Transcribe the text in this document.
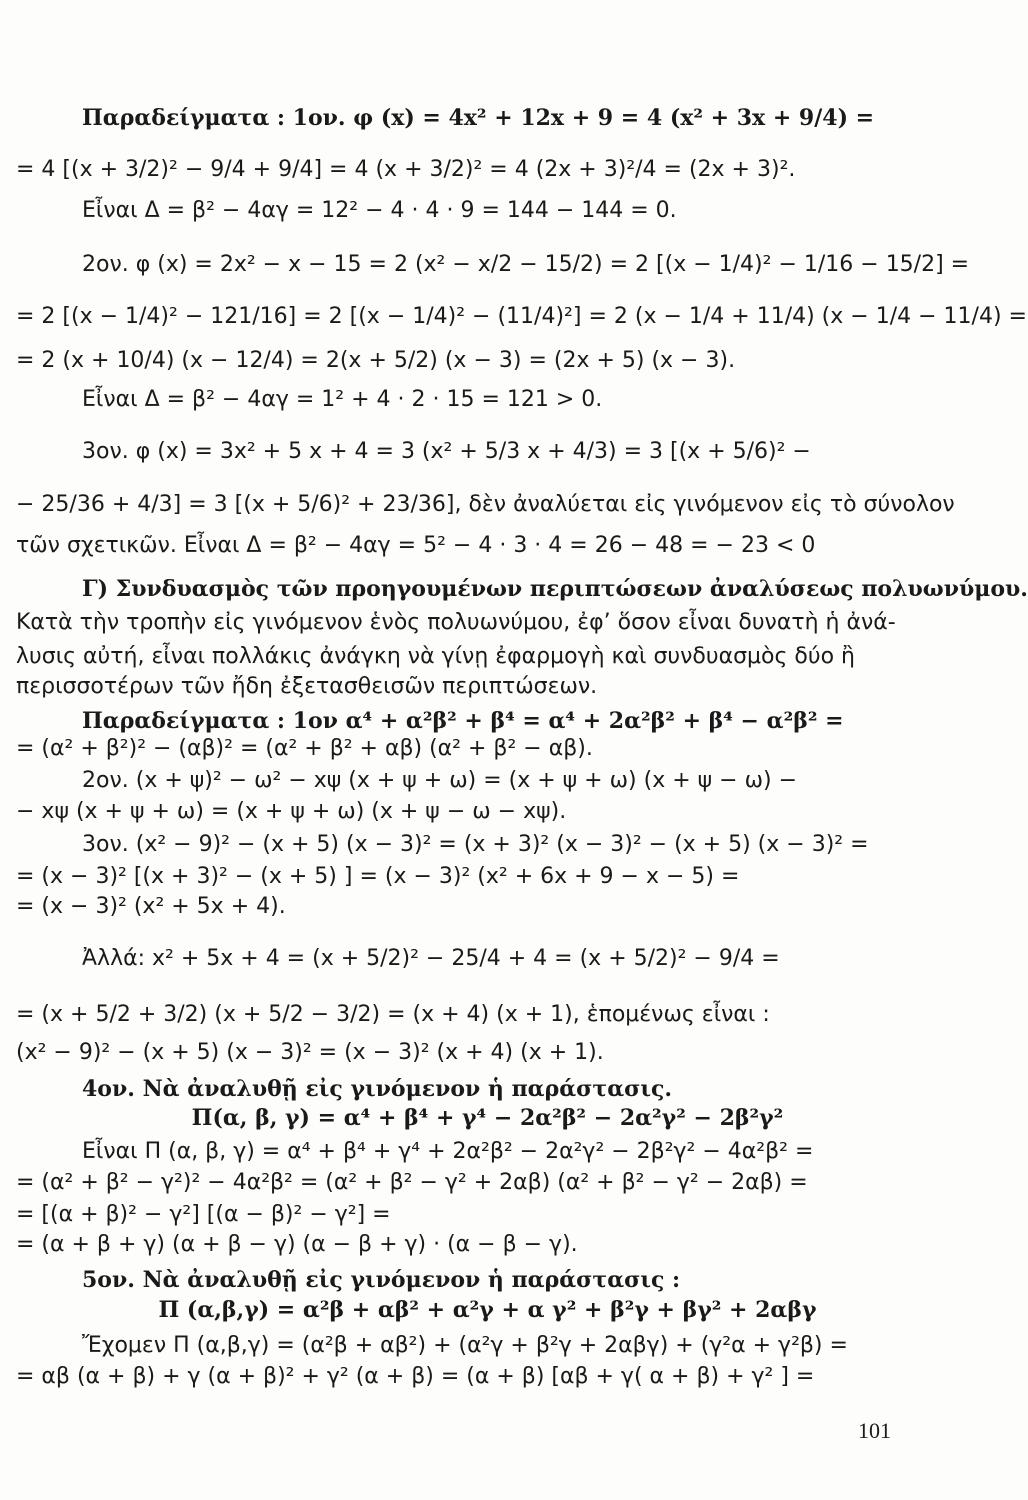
Παραδείγματα : 1ον. φ (x) = 4x² + 12x + 9 = 4 (x² + 3x + 9/4) =
= 4 [(x + 3/2)² − 9/4 + 9/4] = 4 (x + 3/2)² = 4 (2x + 3)²/4 = (2x + 3)².
Εἶναι Δ = β² − 4αγ = 12² − 4 · 4 · 9 = 144 − 144 = 0.
2ον. φ (x) = 2x² − x − 15 = 2 (x² − x/2 − 15/2) = 2 [(x − 1/4)² − 1/16 − 15/2] =
= 2 [(x − 1/4)² − 121/16] = 2 [(x − 1/4)² − (11/4)²] = 2 (x − 1/4 + 11/4) (x − 1/4 − 11/4) =
= 2 (x + 10/4) (x − 12/4) = 2(x + 5/2) (x − 3) = (2x + 5) (x − 3).
Εἶναι Δ = β² − 4αγ = 1² + 4 · 2 · 15 = 121 > 0.
3ον. φ (x) = 3x² + 5 x + 4 = 3 (x² + 5/3 x + 4/3) = 3 [(x + 5/6)² −
− 25/36 + 4/3] = 3 [(x + 5/6)² + 23/36], δὲν ἀναλύεται εἰς γινόμενον εἰς τὸ σύνολον
τῶν σχετικῶν. Εἶναι Δ = β² − 4αγ = 5² − 4 · 3 · 4 = 26 − 48 = − 23 < 0
Γ) Συνδυασμὸς τῶν προηγουμένων περιπτώσεων ἀναλύσεως πολυωνύμου.
Κατὰ τὴν τροπὴν εἰς γινόμενον ἑνὸς πολυωνύμου, ἐφ’ ὅσον εἶναι δυνατὴ ἡ ἀνά-
λυσις αὐτή, εἶναι πολλάκις ἀνάγκη νὰ γίνῃ ἐφαρμογὴ καὶ συνδυασμὸς δύο ἢ
περισσοτέρων τῶν ἤδη ἐξετασθεισῶν περιπτώσεων.
Παραδείγματα : 1ον α⁴ + α²β² + β⁴ = α⁴ + 2α²β² + β⁴ − α²β² =
= (α² + β²)² − (αβ)² = (α² + β² + αβ) (α² + β² − αβ).
2ον. (x + ψ)² − ω² − xψ (x + ψ + ω) = (x + ψ + ω) (x + ψ − ω) −
− xψ (x + ψ + ω) = (x + ψ + ω) (x + ψ − ω − xψ).
3ον. (x² − 9)² − (x + 5) (x − 3)² = (x + 3)² (x − 3)² − (x + 5) (x − 3)² =
= (x − 3)² [(x + 3)² − (x + 5) ] = (x − 3)² (x² + 6x + 9 − x − 5) =
= (x − 3)² (x² + 5x + 4).
Ἀλλά: x² + 5x + 4 = (x + 5/2)² − 25/4 + 4 = (x + 5/2)² − 9/4 =
= (x + 5/2 + 3/2) (x + 5/2 − 3/2) = (x + 4) (x + 1), ἑπομένως εἶναι :
(x² − 9)² − (x + 5) (x − 3)² = (x − 3)² (x + 4) (x + 1).
4ον. Νὰ ἀναλυθῇ εἰς γινόμενον ἡ παράστασις.
Π(α, β, γ) = α⁴ + β⁴ + γ⁴ − 2α²β² − 2α²γ² − 2β²γ²
Εἶναι Π (α, β, γ) = α⁴ + β⁴ + γ⁴ + 2α²β² − 2α²γ² − 2β²γ² − 4α²β² =
= (α² + β² − γ²)² − 4α²β² = (α² + β² − γ² + 2αβ) (α² + β² − γ² − 2αβ) =
= [(α + β)² − γ²] [(α − β)² − γ²] =
= (α + β + γ) (α + β − γ) (α − β + γ) · (α − β − γ).
5ον. Νὰ ἀναλυθῇ εἰς γινόμενον ἡ παράστασις :
Π (α,β,γ) = α²β + αβ² + α²γ + α γ² + β²γ + βγ² + 2αβγ
Ἔχομεν Π (α,β,γ) = (α²β + αβ²) + (α²γ + β²γ + 2αβγ) + (γ²α + γ²β) =
= αβ (α + β) + γ (α + β)² + γ² (α + β) = (α + β) [αβ + γ( α + β) + γ² ] =
101
